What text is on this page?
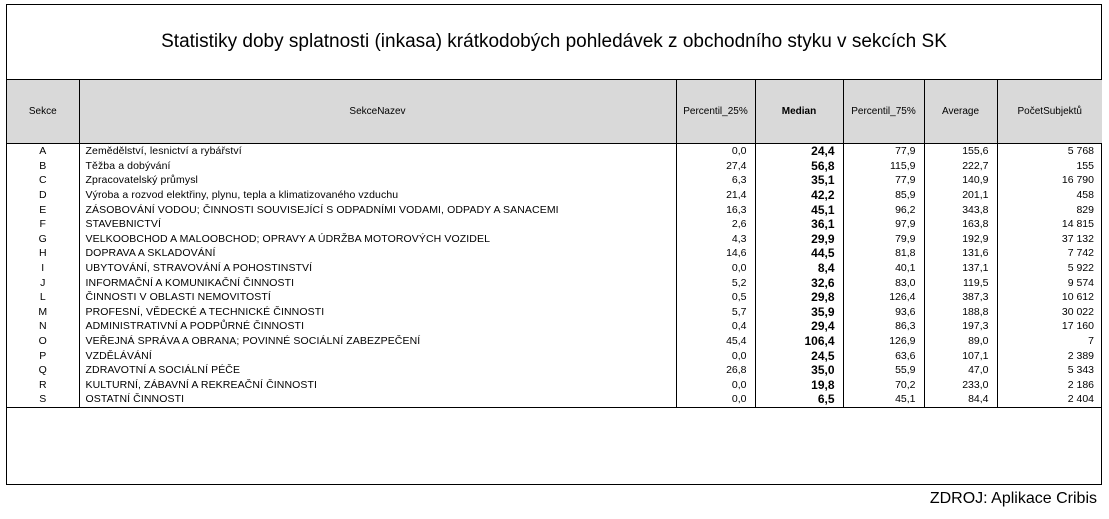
Statistiky doby splatnosti (inkasa) krátkodobých pohledávek z obchodního styku v sekcích SK
Sekce	SekceNazev	Percentil_25%	Median	Percentil_75%	Average	PočetSubjektů
A	Zemědělství, lesnictví a rybářství	0,0	24,4	77,9	155,6	5 768
B	Těžba a dobývání	27,4	56,8	115,9	222,7	155
C	Zpracovatelský průmysl	6,3	35,1	77,9	140,9	16 790
D	Výroba a rozvod elektřiny, plynu, tepla a klimatizovaného vzduchu	21,4	42,2	85,9	201,1	458
E	ZÁSOBOVÁNÍ VODOU; ČINNOSTI SOUVISEJÍCÍ S ODPADNÍMI VODAMI, ODPADY A SANACEMI	16,3	45,1	96,2	343,8	829
F	STAVEBNICTVÍ	2,6	36,1	97,9	163,8	14 815
G	VELKOOBCHOD A MALOOBCHOD; OPRAVY A ÚDRŽBA MOTOROVÝCH VOZIDEL	4,3	29,9	79,9	192,9	37 132
H	DOPRAVA A SKLADOVÁNÍ	14,6	44,5	81,8	131,6	7 742
I	UBYTOVÁNÍ, STRAVOVÁNÍ A POHOSTINSTVÍ	0,0	8,4	40,1	137,1	5 922
J	INFORMAČNÍ A KOMUNIKAČNÍ ČINNOSTI	5,2	32,6	83,0	119,5	9 574
L	ČINNOSTI V OBLASTI NEMOVITOSTÍ	0,5	29,8	126,4	387,3	10 612
M	PROFESNÍ, VĚDECKÉ A TECHNICKÉ ČINNOSTI	5,7	35,9	93,6	188,8	30 022
N	ADMINISTRATIVNÍ A PODPŮRNÉ ČINNOSTI	0,4	29,4	86,3	197,3	17 160
O	VEŘEJNÁ SPRÁVA A OBRANA; POVINNÉ SOCIÁLNÍ ZABEZPEČENÍ	45,4	106,4	126,9	89,0	7
P	VZDĚLÁVÁNÍ	0,0	24,5	63,6	107,1	2 389
Q	ZDRAVOTNÍ A SOCIÁLNÍ PÉČE	26,8	35,0	55,9	47,0	5 343
R	KULTURNÍ, ZÁBAVNÍ A REKREAČNÍ ČINNOSTI	0,0	19,8	70,2	233,0	2 186
S	OSTATNÍ ČINNOSTI	0,0	6,5	45,1	84,4	2 404
ZDROJ: Aplikace Cribis
